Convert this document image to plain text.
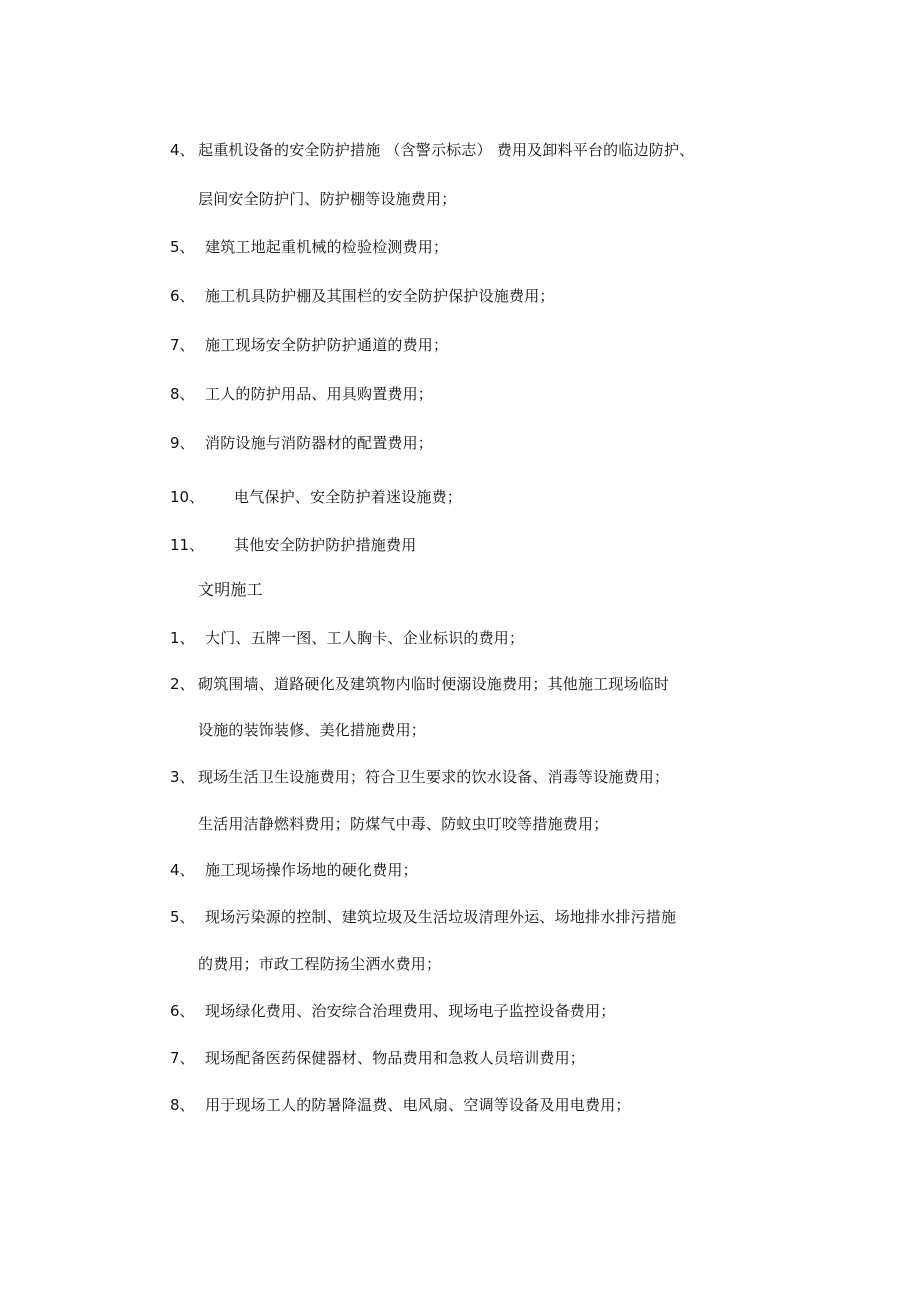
4、 起重机设备的安全防护措施 （含警示标志） 费用及卸料平台的临边防护、
层间安全防护门、防护棚等设施费用；
5、 建筑工地起重机械的检验检测费用；
6、 施工机具防护棚及其围栏的安全防护保护设施费用；
7、 施工现场安全防护防护通道的费用；
8、 工人的防护用品、用具购置费用；
9、 消防设施与消防器材的配置费用；
10、 电气保护、安全防护着迷设施费；
11、 其他安全防护防护措施费用
文明施工
1、 大门、五牌一图、工人胸卡、企业标识的费用；
2、 砌筑围墙、道路硬化及建筑物内临时便溺设施费用；其他施工现场临时
设施的装饰装修、美化措施费用；
3、 现场生活卫生设施费用；符合卫生要求的饮水设备、消毒等设施费用；
生活用洁静燃料费用；防煤气中毒、防蚊虫叮咬等措施费用；
4、 施工现场操作场地的硬化费用；
5、 现场污染源的控制、建筑垃圾及生活垃圾清理外运、场地排水排污措施
的费用；市政工程防扬尘洒水费用；
6、 现场绿化费用、治安综合治理费用、现场电子监控设备费用；
7、 现场配备医药保健器材、物品费用和急救人员培训费用；
8、 用于现场工人的防暑降温费、电风扇、空调等设备及用电费用；
